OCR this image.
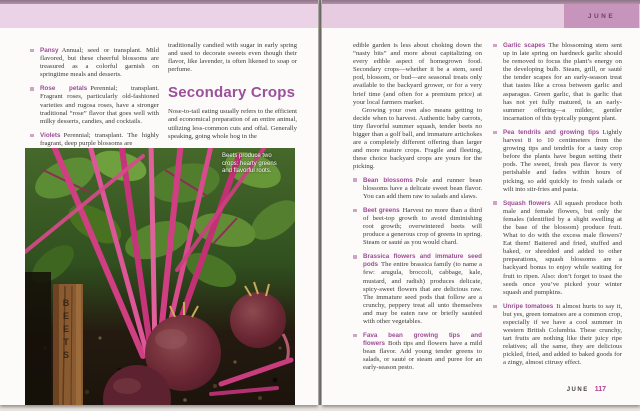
Pansy Annual; seed or transplant. Mild flavored, but these cheerful blossoms are treasured as a colorful garnish on springtime meals and desserts.

Rose petals Perennial; transplant. Fragrant roses, particularly old-fashioned varieties and rugosa roses, have a stronger traditional “rose” flavor that goes well with milky desserts, candies, and cocktails.

Violets Perennial; transplant. The highly fragrant, deep purple blossoms are

traditionally candied with sugar in early spring and used to decorate sweets even though their flavor, like lavender, is often likened to soap or perfume.

Secondary Crops

Nose-to-tail eating usually refers to the efficient and economical preparation of an entire animal, utilizing less-common cuts and offal. Generally speaking, going whole hog in the

BEETS
Beets produce two crops: hearty greens and flavorful roots.
JUNE

edible garden is less about choking down the “nasty bits” and more about capitalizing on every edible aspect of homegrown food. Secondary crops—whether it be a stem, seed pod, blossom, or bud—are seasonal treats only available to the backyard grower, or for a very brief time (and often for a premium price) at your local farmers market.

Growing your own also means getting to decide when to harvest. Authentic baby carrots, tiny flavorful summer squash, tender beets no bigger than a golf ball, and immature artichokes are a completely different offering than larger and more mature crops. Fragile and fleeting, these choice backyard crops are yours for the picking.

Bean blossoms Pole and runner bean blossoms have a delicate sweet bean flavor. You can add them raw to salads and slaws.

Beet greens Harvest no more than a third of beet-top growth to avoid diminishing root growth; overwintered beets will produce a generous crop of greens in spring. Steam or sauté as you would chard.

Brassica flowers and immature seed pods The entire brassica family (to name a few: arugula, broccoli, cabbage, kale, mustard, and radish) produces delicate, spicy-sweet flowers that are delicious raw. The immature seed pods that follow are a crunchy, peppery treat all unto themselves and may be eaten raw or briefly sautéed with other vegetables.

Fava bean growing tips and flowers Both tips and flowers have a mild bean flavor. Add young tender greens to salads, or sauté or steam and puree for an early-season pesto.

Garlic scapes The blossoming stem sent up in late spring on hardneck garlic should be removed to focus the plant’s energy on the developing bulb. Steam, grill, or sauté the tender scapes for an early-season treat that tastes like a cross between garlic and asparagus. Green garlic, that is garlic that has not yet fully matured, is an early-summer offering—a milder, gentler incarnation of this typically pungent plant.

Pea tendrils and growing tips Lightly harvest 8 to 10 centimeters from the growing tips and tendrils for a tasty crop before the plants have begun setting their pods. The sweet, fresh pea flavor is very perishable and fades within hours of picking, so add quickly to fresh salads or wilt into stir-fries and pasta.

Squash flowers All squash produce both male and female flowers, but only the females (identified by a slight swelling at the base of the blossom) produce fruit. What to do with the excess male flowers? Eat them! Battered and fried, stuffed and baked, or shredded and added to other preparations, squash blossoms are a backyard bonus to enjoy while waiting for fruit to ripen. Also: don’t forget to toast the seeds once you’ve picked your winter squash and pumpkins.

Unripe tomatoes It almost hurts to say it, but yes, green tomatoes are a common crop, especially if we have a cool summer in western British Columbia. These crunchy, tart fruits are nothing like their juicy ripe relatives; all the same, they are delicious pickled, fried, and added to baked goods for a zingy, almost citrusy effect.

JUNE 117
